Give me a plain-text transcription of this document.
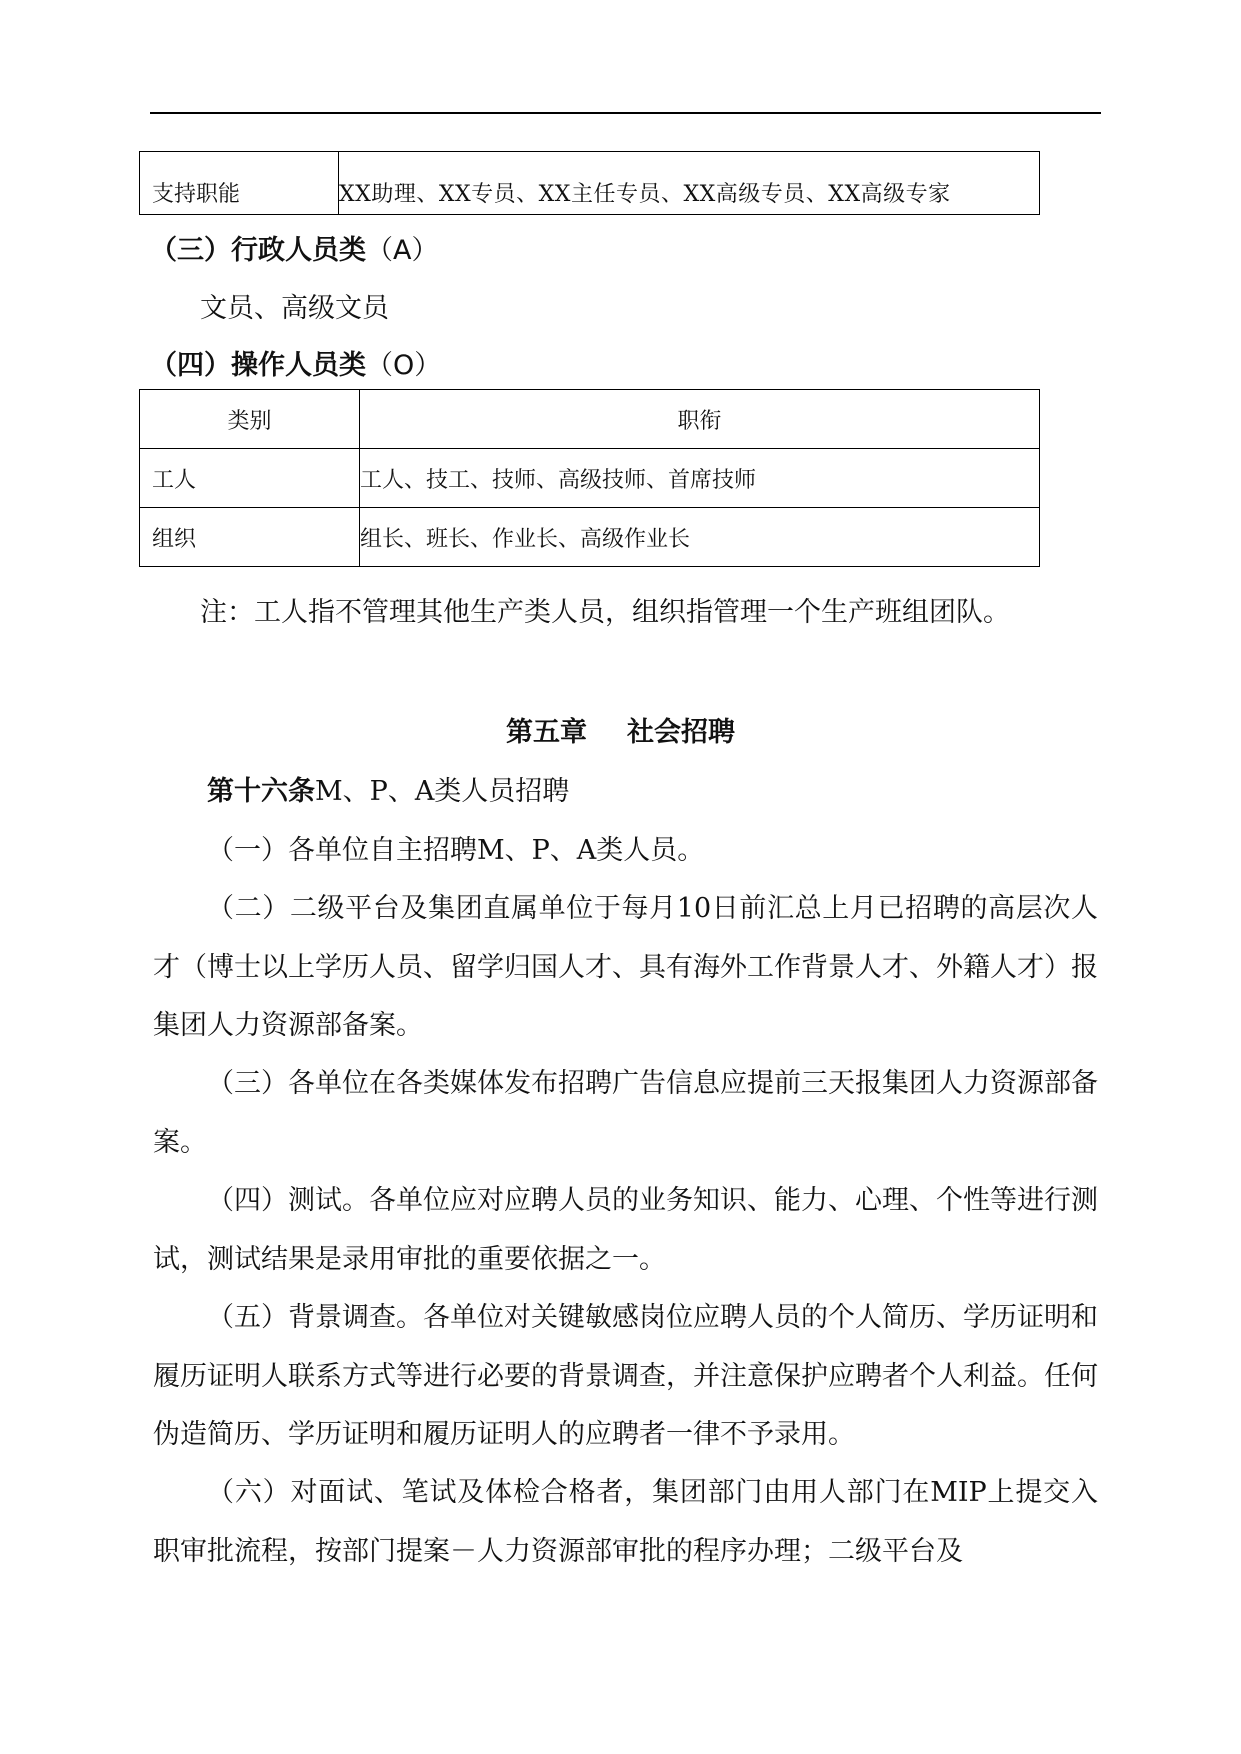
支持职能	XX助理、XX专员、XX主任专员、XX高级专员、XX高级专家
（三）行政人员类（A）
文员、高级文员
（四）操作人员类（O）
类别	职衔
工人	工人、技工、技师、高级技师、首席技师
组织	组长、班长、作业长、高级作业长
注：工人指不管理其他生产类人员，组织指管理一个生产班组团队。
第五章 社会招聘
第十六条M、P、A类人员招聘
（一）各单位自主招聘M、P、A类人员。
（二）二级平台及集团直属单位于每月10日前汇总上月已招聘的高层次人才（博士以上学历人员、留学归国人才、具有海外工作背景人才、外籍人才）报集团人力资源部备案。
（三）各单位在各类媒体发布招聘广告信息应提前三天报集团人力资源部备案。
（四）测试。各单位应对应聘人员的业务知识、能力、心理、个性等进行测试，测试结果是录用审批的重要依据之一。
（五）背景调查。各单位对关键敏感岗位应聘人员的个人简历、学历证明和履历证明人联系方式等进行必要的背景调查，并注意保护应聘者个人利益。任何伪造简历、学历证明和履历证明人的应聘者一律不予录用。
（六）对面试、笔试及体检合格者，集团部门由用人部门在MIP上提交入职审批流程，按部门提案－人力资源部审批的程序办理；二级平台及
